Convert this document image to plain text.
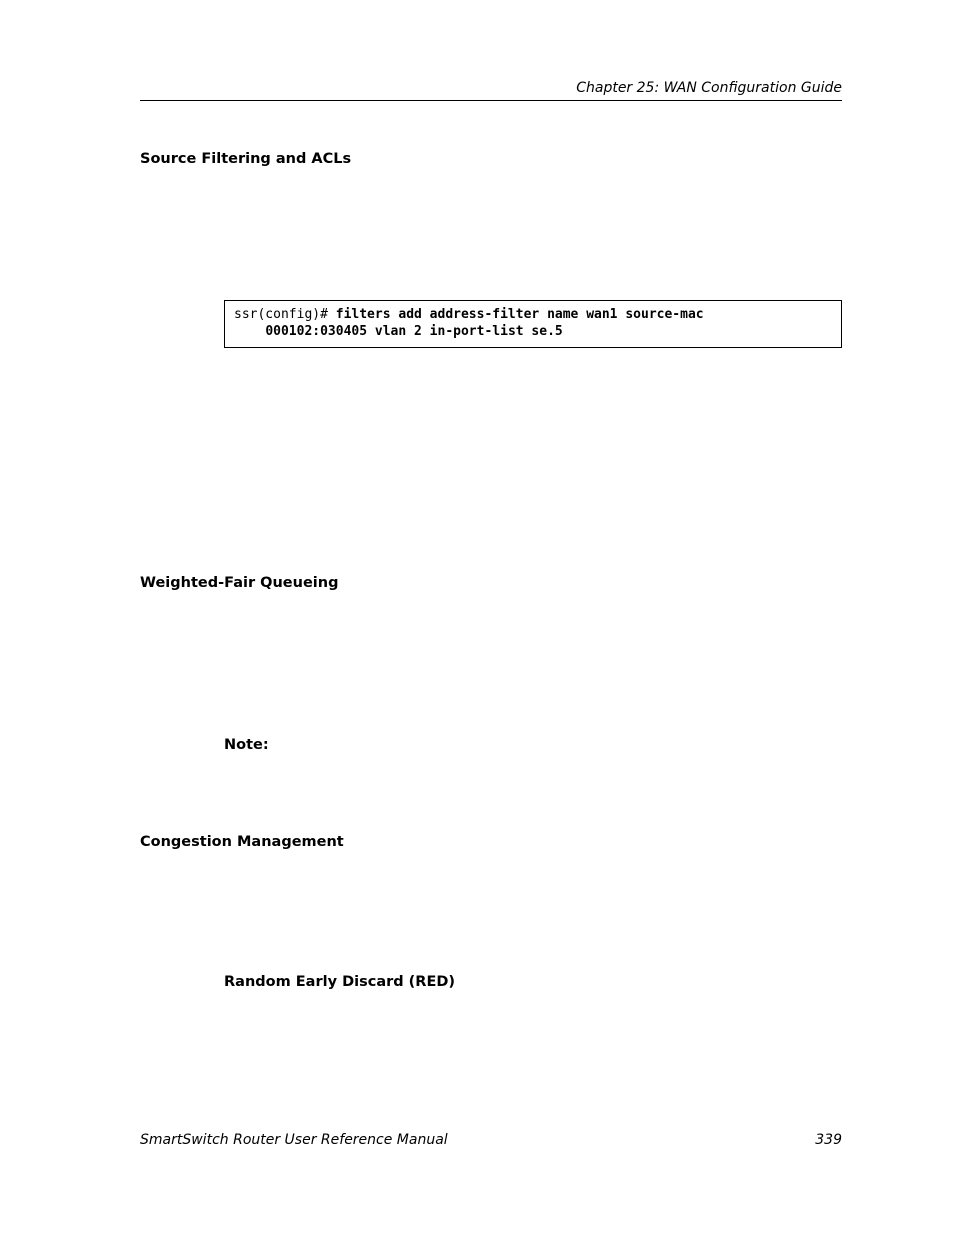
Chapter 25: WAN Configuration Guide
Source Filtering and ACLs
ssr(config)# filters add address-filter name wan1 source-mac
000102:030405 vlan 2 in-port-list se.5
Weighted-Fair Queueing
Note:
Congestion Management
Random Early Discard (RED)
SmartSwitch Router User Reference Manual	339
